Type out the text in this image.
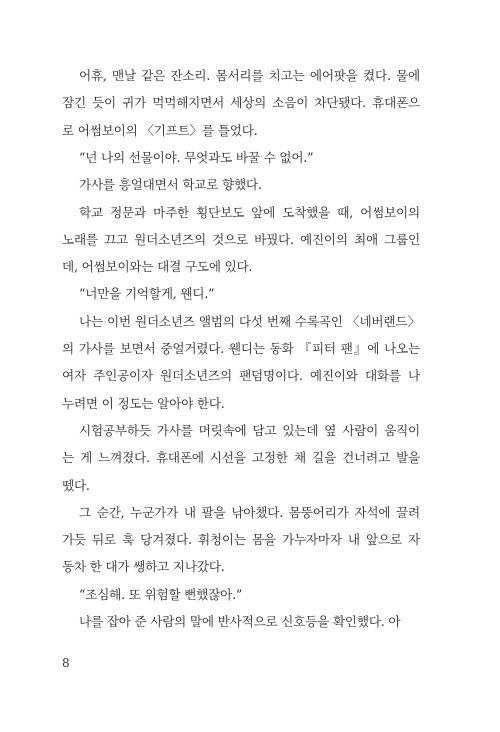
어휴, 맨날 같은 잔소리. 몸서리를 치고는 에어팟을 켰다. 물에
잠긴 듯이 귀가 먹먹해지면서 세상의 소음이 차단됐다. 휴대폰으
로 어썸보이의 〈기프트〉를 틀었다.
“넌 나의 선물이야. 무엇과도 바꿀 수 없어.”
가사를 흥얼대면서 학교로 향했다.
학교 정문과 마주한 횡단보도 앞에 도착했을 때, 어썸보이의
노래를 끄고 원더소년즈의 것으로 바꿨다. 예진이의 최애 그룹인
데, 어썸보이와는 대결 구도에 있다.
“너만을 기억할게, 웬디.”
나는 이번 원더소년즈 앨범의 다섯 번째 수록곡인 〈네버랜드〉
의 가사를 보면서 중얼거렸다. 웬디는 동화 『피터 팬』에 나오는
여자 주인공이자 원더소년즈의 팬덤명이다. 예진이와 대화를 나
누려면 이 정도는 알아야 한다.
시험공부하듯 가사를 머릿속에 담고 있는데 옆 사람이 움직이
는 게 느껴졌다. 휴대폰에 시선을 고정한 채 길을 건너려고 발을
뗐다.
그 순간, 누군가가 내 팔을 낚아챘다. 몸뚱어리가 자석에 끌려
가듯 뒤로 훅 당겨졌다. 휘청이는 몸을 가누자마자 내 앞으로 자
동차 한 대가 쌩하고 지나갔다.
“조심해. 또 위험할 뻔했잖아.”
나를 잡아 준 사람의 말에 반사적으로 신호등을 확인했다. 아
8
